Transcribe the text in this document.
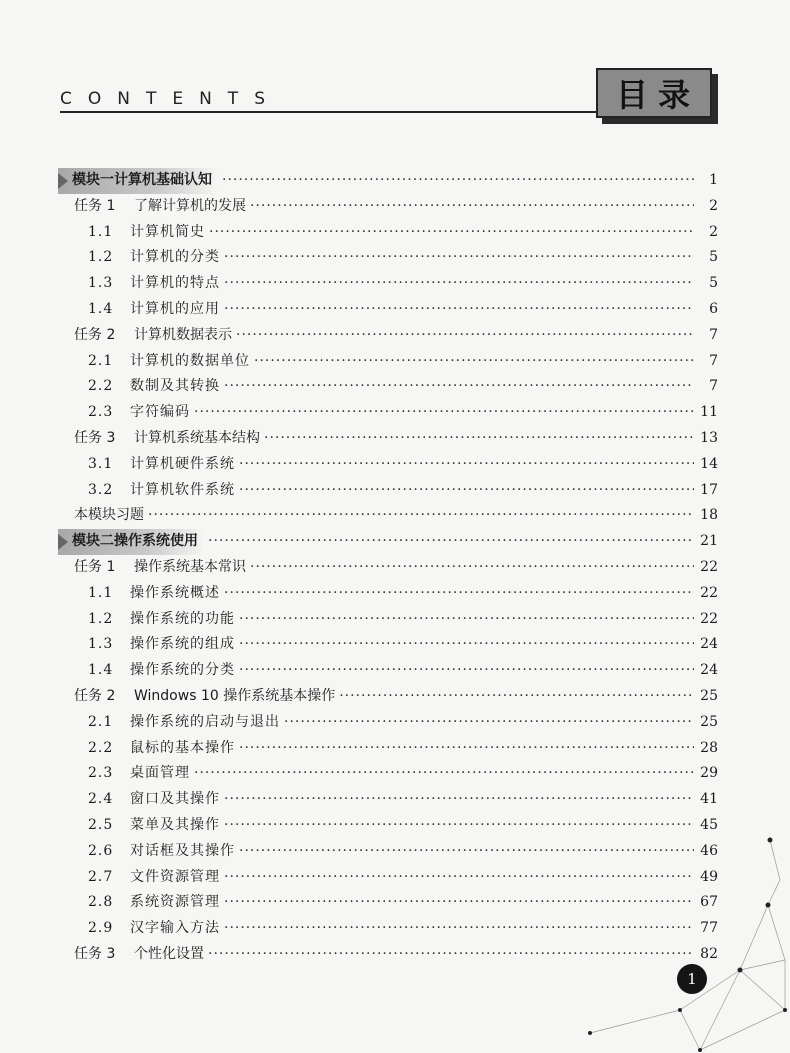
CONTENTS	目录
模块一计算机基础认知 ·····	1
任务 1 了解计算机的发展 ·····	2
1.1 计算机简史 ·····	2
1.2 计算机的分类 ·····	5
1.3 计算机的特点 ·····	5
1.4 计算机的应用 ·····	6
任务 2 计算机数据表示 ·····	7
2.1 计算机的数据单位 ·····	7
2.2 数制及其转换 ·····	7
2.3 字符编码 ·····	11
任务 3 计算机系统基本结构 ·····	13
3.1 计算机硬件系统 ·····	14
3.2 计算机软件系统 ·····	17
本模块习题 ·····	18
模块二操作系统使用 ·····	21
任务 1 操作系统基本常识 ·····	22
1.1 操作系统概述 ·····	22
1.2 操作系统的功能 ·····	22
1.3 操作系统的组成 ·····	24
1.4 操作系统的分类 ·····	24
任务 2 Windows 10 操作系统基本操作 ·····	25
2.1 操作系统的启动与退出 ·····	25
2.2 鼠标的基本操作 ·····	28
2.3 桌面管理 ·····	29
2.4 窗口及其操作 ·····	41
2.5 菜单及其操作 ·····	45
2.6 对话框及其操作 ·····	46
2.7 文件资源管理 ·····	49
2.8 系统资源管理 ·····	67
2.9 汉字输入方法 ·····	77
任务 3 个性化设置 ·····	82
1
